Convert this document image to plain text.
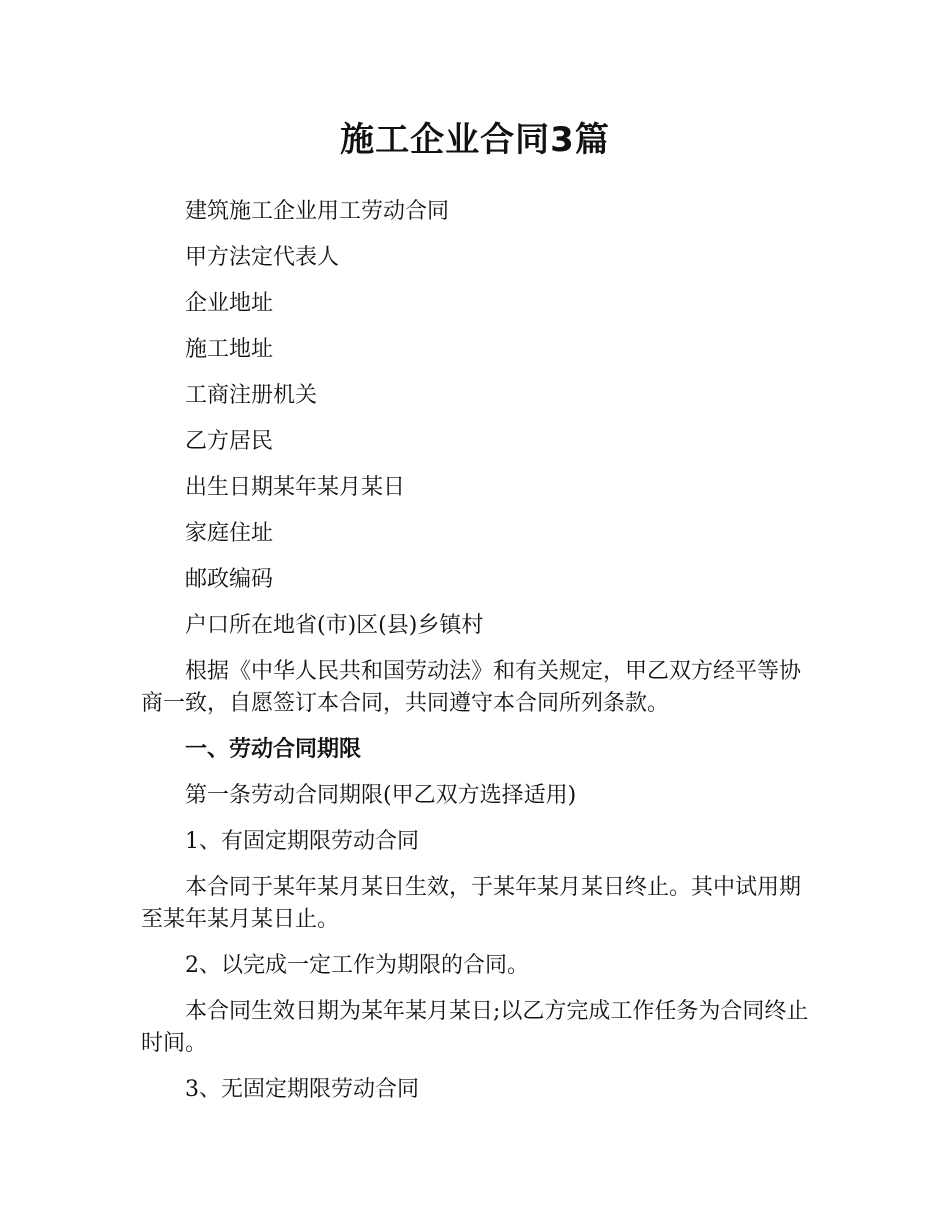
施工企业合同3篇

建筑施工企业用工劳动合同

甲方法定代表人

企业地址

施工地址

工商注册机关

乙方居民

出生日期某年某月某日

家庭住址

邮政编码

户口所在地省(市)区(县)乡镇村

根据《中华人民共和国劳动法》和有关规定，甲乙双方经平等协商一致，自愿签订本合同，共同遵守本合同所列条款。

一、劳动合同期限

第一条劳动合同期限(甲乙双方选择适用)

1、有固定期限劳动合同

本合同于某年某月某日生效，于某年某月某日终止。其中试用期至某年某月某日止。

2、以完成一定工作为期限的合同。

本合同生效日期为某年某月某日;以乙方完成工作任务为合同终止时间。

3、无固定期限劳动合同
